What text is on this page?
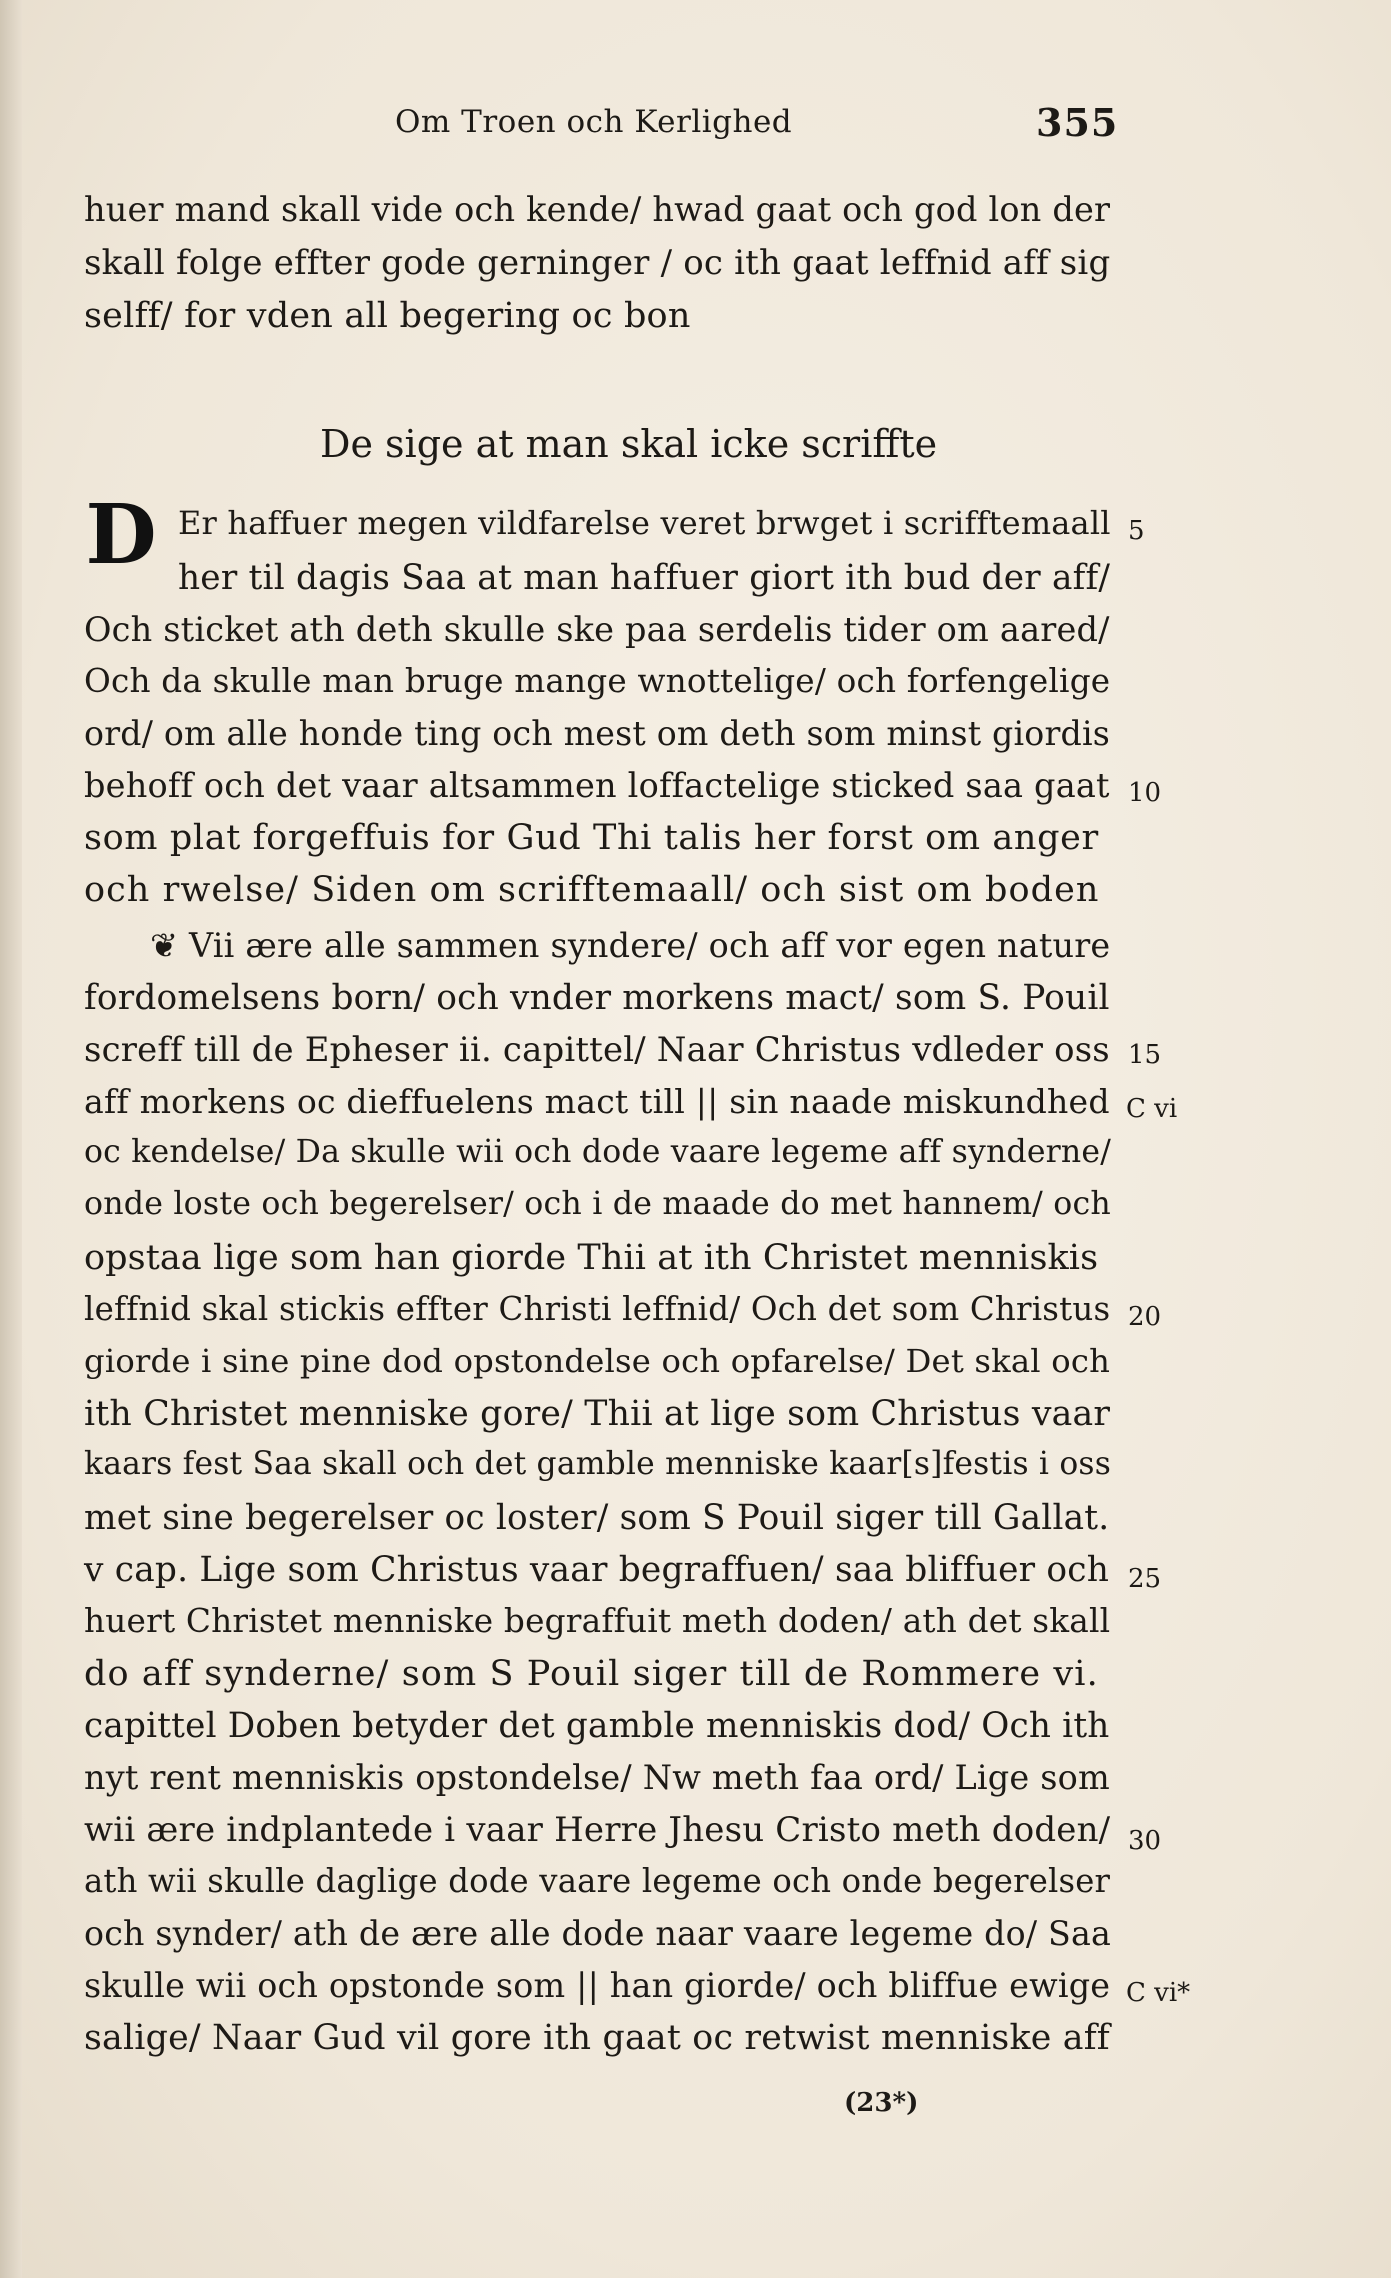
Om Troen och Kerlighed	355
huer mand skall vide och kende/ hwad gaat och god lon der
skall folge effter gode gerninger / oc ith gaat leffnid aff sig
selff/ for vden all begering oc bon
De sige at man skal icke scriffte
D Er haffuer megen vildfarelse veret brwget i scrifftemaall
her til dagis Saa at man haffuer giort ith bud der aff/
Och sticket ath deth skulle ske paa serdelis tider om aared/
Och da skulle man bruge mange wnottelige/ och forfengelige
ord/ om alle honde ting och mest om deth som minst giordis
behoff och det vaar altsammen loffactelige sticked saa gaat
som plat forgeffuis for Gud Thi talis her forst om anger
och rwelse/ Siden om scrifftemaall/ och sist om boden
❦ Vii ære alle sammen syndere/ och aff vor egen nature
fordomelsens born/ och vnder morkens mact/ som S. Pouil
screff till de Epheser ii. capittel/ Naar Christus vdleder oss
aff morkens oc dieffuelens mact till || sin naade miskundhed
oc kendelse/ Da skulle wii och dode vaare legeme aff synderne/
onde loste och begerelser/ och i de maade do met hannem/ och
opstaa lige som han giorde Thii at ith Christet menniskis
leffnid skal stickis effter Christi leffnid/ Och det som Christus
giorde i sine pine dod opstondelse och opfarelse/ Det skal och
ith Christet menniske gore/ Thii at lige som Christus vaar
kaars fest Saa skall och det gamble menniske kaar[s]festis i oss
met sine begerelser oc loster/ som S Pouil siger till Gallat.
v cap. Lige som Christus vaar begraffuen/ saa bliffuer och
huert Christet menniske begraffuit meth doden/ ath det skall
do aff synderne/ som S Pouil siger till de Rommere vi.
capittel Doben betyder det gamble menniskis dod/ Och ith
nyt rent menniskis opstondelse/ Nw meth faa ord/ Lige som
wii ære indplantede i vaar Herre Jhesu Cristo meth doden/
ath wii skulle daglige dode vaare legeme och onde begerelser
och synder/ ath de ære alle dode naar vaare legeme do/ Saa
skulle wii och opstonde som || han giorde/ och bliffue ewige
salige/ Naar Gud vil gore ith gaat oc retwist menniske aff
5
10
15
20
25
30
C vi
C vi*
(23*)
